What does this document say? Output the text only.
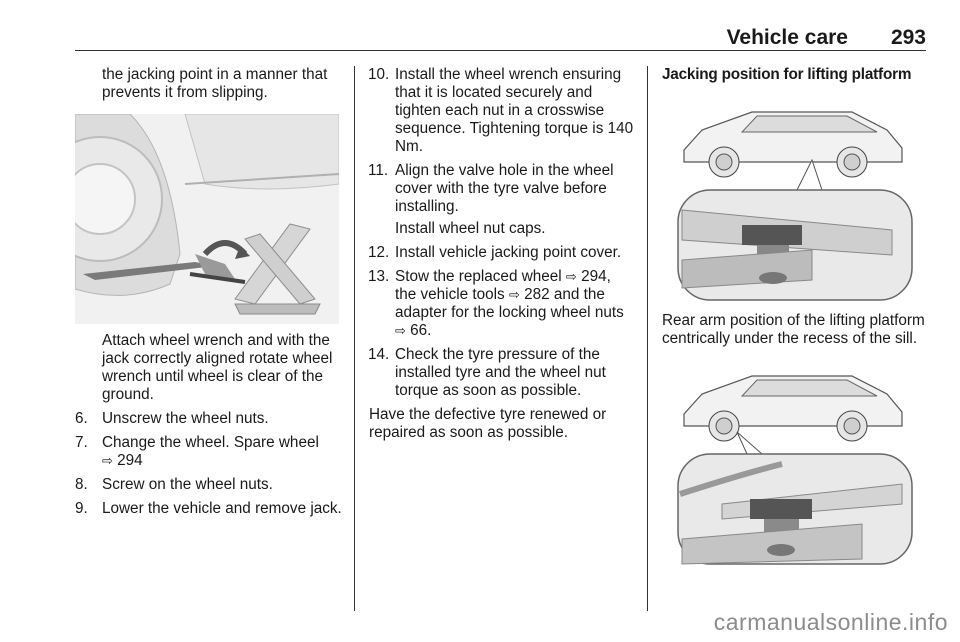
Vehicle care 293

the jacking point in a manner that prevents it from slipping.

Attach wheel wrench and with the jack correctly aligned rotate wheel wrench until wheel is clear of the ground.

6. Unscrew the wheel nuts.
7. Change the wheel. Spare wheel
⇨ 294
8. Screw on the wheel nuts.
9. Lower the vehicle and remove jack.
10. Install the wheel wrench ensuring that it is located securely and tighten each nut in a crosswise sequence. Tightening torque is 140 Nm.
11. Align the valve hole in the wheel cover with the tyre valve before installing.

Install wheel nut caps.

12. Install vehicle jacking point cover.
13. Stow the replaced wheel ⇨ 294, the vehicle tools ⇨ 282 and the adapter for the locking wheel nuts
⇨ 66.
14. Check the tyre pressure of the installed tyre and the wheel nut torque as soon as possible.

Have the defective tyre renewed or repaired as soon as possible.

Jacking position for lifting platform

Rear arm position of the lifting platform centrically under the recess of the sill.

carmanualsonline.info
